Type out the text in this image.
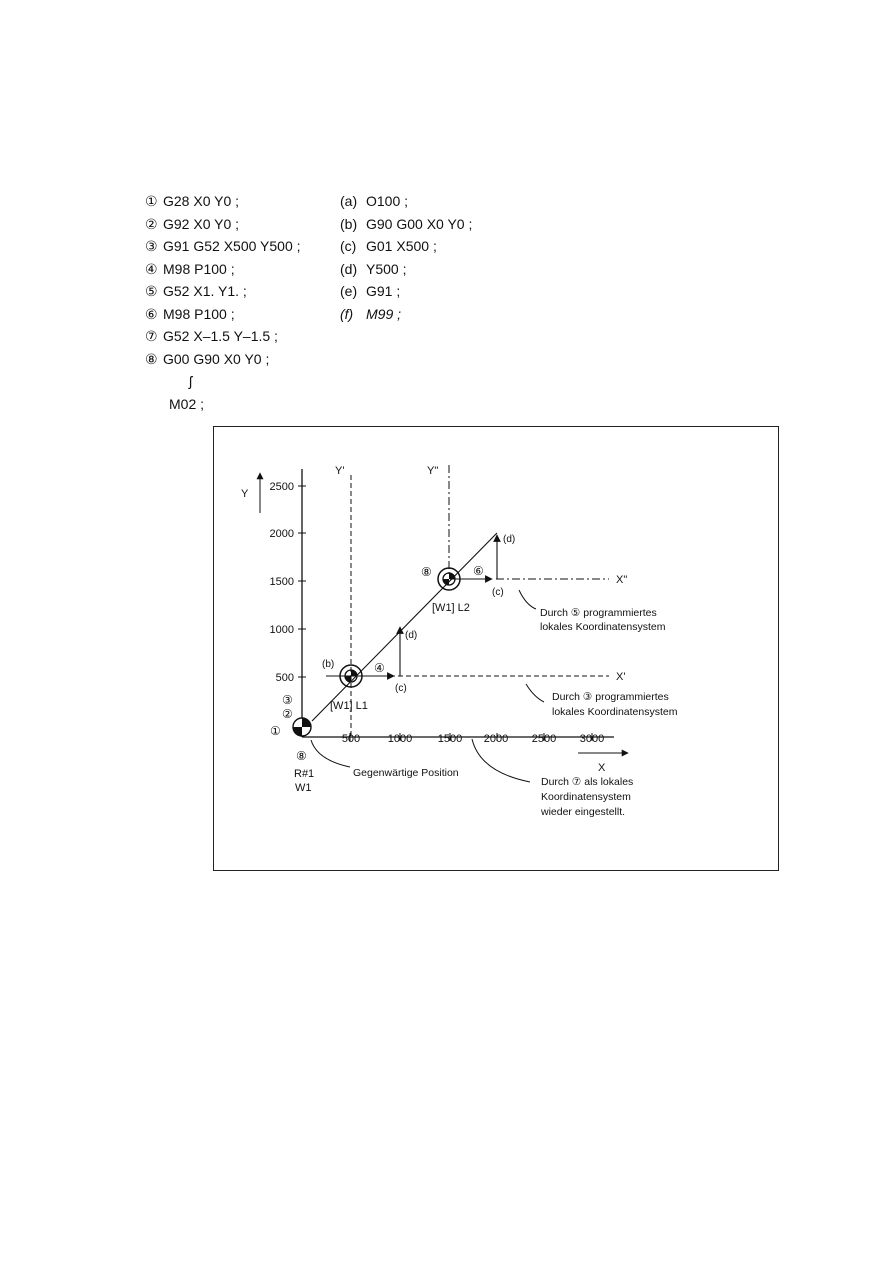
① G28 X0 Y0 ;
② G92 X0 Y0 ;
③ G91 G52 X500 Y500 ;
④ M98 P100 ;
⑤ G52 X1. Y1. ;
⑥ M98 P100 ;
⑦ G52 X–1.5 Y–1.5 ;
⑧ G00 G90 X0 Y0 ;
ʃ
M02 ;
(a) O100 ;
(b) G90 G00 X0 Y0 ;
(c) G01 X500 ;
(d) Y500 ;
(e) G91 ;
(f) M99 ;
Y
X
2500
2000
1500
1000
500
500	1000 1500 2000 2500 3000
Y'
X'
Y"
X"
③
②
①
⑧
④
⑧	⑥
(b)
(c)
(d)
(c)
(d)
[W1] L1
[W1] L2
R#1
W1
Gegenwärtige Position
Durch ⑤ programmiertes
lokales Koordinatensystem
Durch ③ programmiertes
lokales Koordinatensystem
Durch ⑦ als lokales
Koordinatensystem
wieder eingestellt.
